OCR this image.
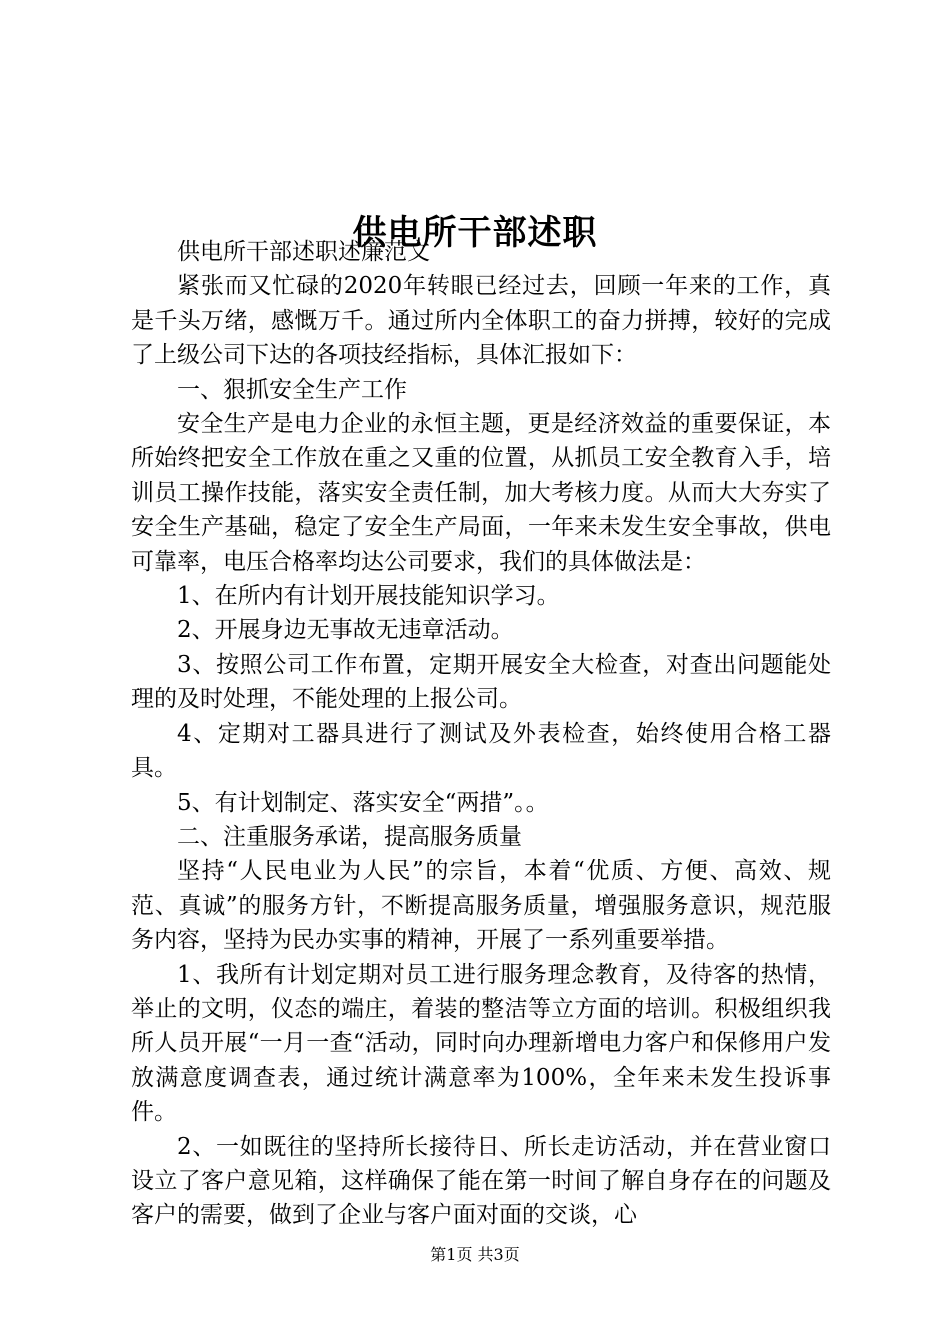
供电所干部述职

供电所干部述职述廉范文

紧张而又忙碌的2020年转眼已经过去，回顾一年来的工作，真是千头万绪，感慨万千。通过所内全体职工的奋力拼搏，较好的完成了上级公司下达的各项技经指标，具体汇报如下：

一、狠抓安全生产工作

安全生产是电力企业的永恒主题，更是经济效益的重要保证，本所始终把安全工作放在重之又重的位置，从抓员工安全教育入手，培训员工操作技能，落实安全责任制，加大考核力度。从而大大夯实了安全生产基础，稳定了安全生产局面，一年来未发生安全事故，供电可靠率，电压合格率均达公司要求，我们的具体做法是：

1、在所内有计划开展技能知识学习。

2、开展身边无事故无违章活动。

3、按照公司工作布置，定期开展安全大检查，对查出问题能处理的及时处理，不能处理的上报公司。

4、定期对工器具进行了测试及外表检查，始终使用合格工器具。

5、有计划制定、落实安全“两措”。。

二、注重服务承诺，提高服务质量

坚持“人民电业为人民”的宗旨，本着“优质、方便、高效、规范、真诚”的服务方针，不断提高服务质量，增强服务意识，规范服务内容，坚持为民办实事的精神，开展了一系列重要举措。

1、我所有计划定期对员工进行服务理念教育，及待客的热情，举止的文明，仪态的端庄，着装的整洁等立方面的培训。积极组织我所人员开展“一月一查“活动，同时向办理新增电力客户和保修用户发放满意度调查表，通过统计满意率为100%，全年来未发生投诉事件。

2、一如既往的坚持所长接待日、所长走访活动，并在营业窗口设立了客户意见箱，这样确保了能在第一时间了解自身存在的问题及客户的需要，做到了企业与客户面对面的交谈，心

第1页 共3页
